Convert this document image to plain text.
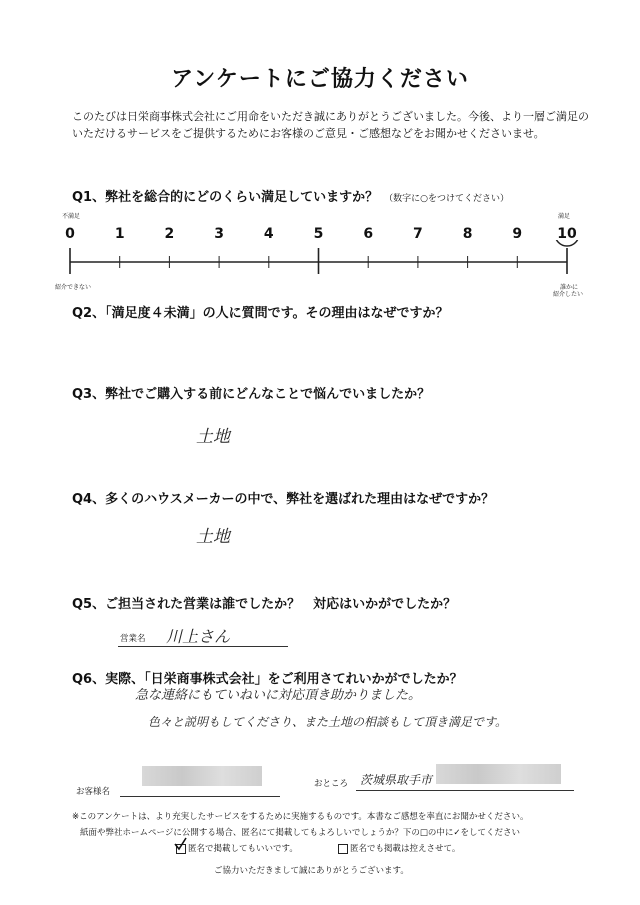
アンケートにご協力ください
このたびは日栄商事株式会社にご用命をいただき誠にありがとうございました。今後、より一層ご満足のいただけるサービスをご提供するためにお客様のご意見・ご感想などをお聞かせくださいませ。
Q1、弊社を総合的にどのくらい満足していますか？ （数字に○をつけてください）
不満足	満足
0	1	2	3	4	5	6	7	8	9	10
紹介できない	誰かに
紹介したい
Q2、「満足度４未満」の人に質問です。その理由はなぜですか？
Q3、弊社でご購入する前にどんなことで悩んでいましたか？
土地
Q4、多くのハウスメーカーの中で、弊社を選ばれた理由はなぜですか？
土地
Q5、ご担当された営業は誰でしたか？　対応はいかがでしたか？
営業名 川上さん
Q6、実際、「日栄商事株式会社」をご利用さてれいかがでしたか？
急な連絡にもていねいに対応頂き助かりました。
色々と説明もしてくださり、また土地の相談もして頂き満足です。
お客様名
おところ 茨城県取手市
※このアンケートは、より充実したサービスをするために実施するものです。本書なご感想を率直にお聞かせください。
紙面や弊社ホームページに公開する場合、匿名にて掲載してもよろしいでしょうか？下の□の中に✓をしてください
匿名で掲載してもいいです。	匿名でも掲載は控えさせて。
ご協力いただきまして誠にありがとうございます。
